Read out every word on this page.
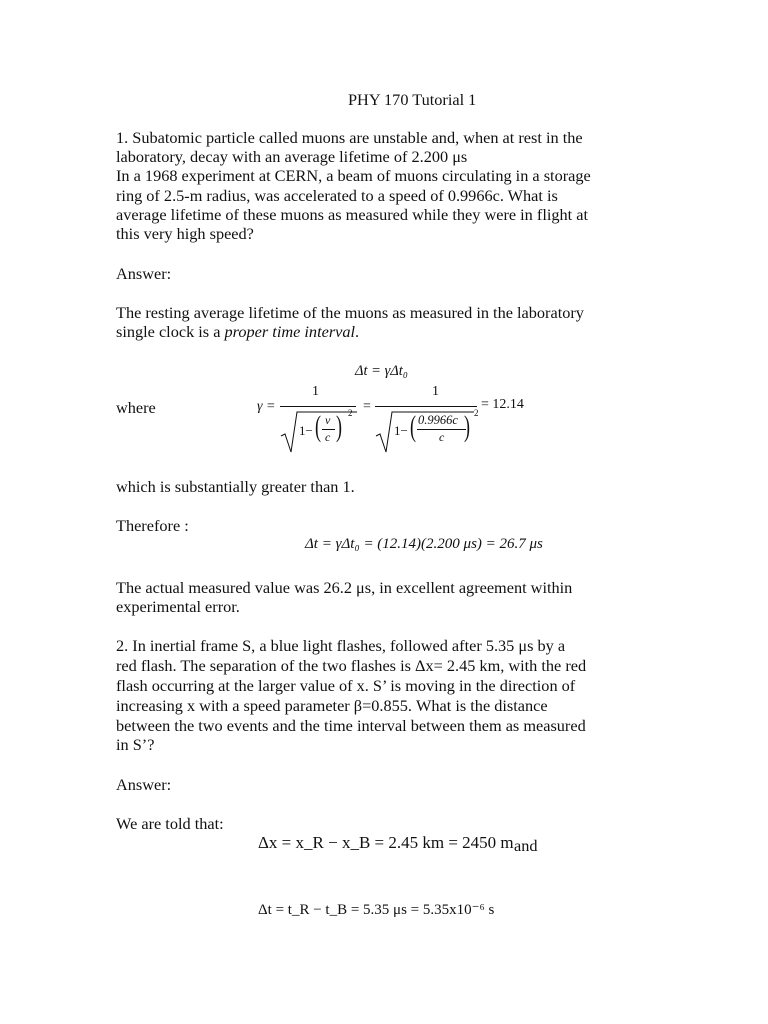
PHY 170 Tutorial 1
1. Subatomic particle called muons are unstable and, when at rest in the
laboratory, decay with an average lifetime of 2.200 μs
In a 1968 experiment at CERN, a beam of muons circulating in a storage
ring of 2.5-m radius, was accelerated to a speed of 0.9966c. What is
average lifetime of these muons as measured while they were in flight at
this very high speed?
Answer:
The resting average lifetime of the muons as measured in the laboratory
single clock is a proper time interval.
Δt = γΔt₀
where	γ =
1
1− ( v
c ) 2 =
1
1− ( 0.9966c
c ) 2
= 12.14
which is substantially greater than 1.
Therefore :
Δt = γΔt₀ = (12.14)(2.200 μs) = 26.7 μs
The actual measured value was 26.2 μs, in excellent agreement within
experimental error.
2. In inertial frame S, a blue light flashes, followed after 5.35 μs by a
red flash. The separation of the two flashes is Δx= 2.45 km, with the red
flash occurring at the larger value of x. S’ is moving in the direction of
increasing x with a speed parameter β=0.855. What is the distance
between the two events and the time interval between them as measured
in S’?
Answer:
We are told that:
Δx = x_R − x_B = 2.45 km = 2450 m and
Δt = t_R − t_B = 5.35 μs = 5.35x10⁻⁶ s
